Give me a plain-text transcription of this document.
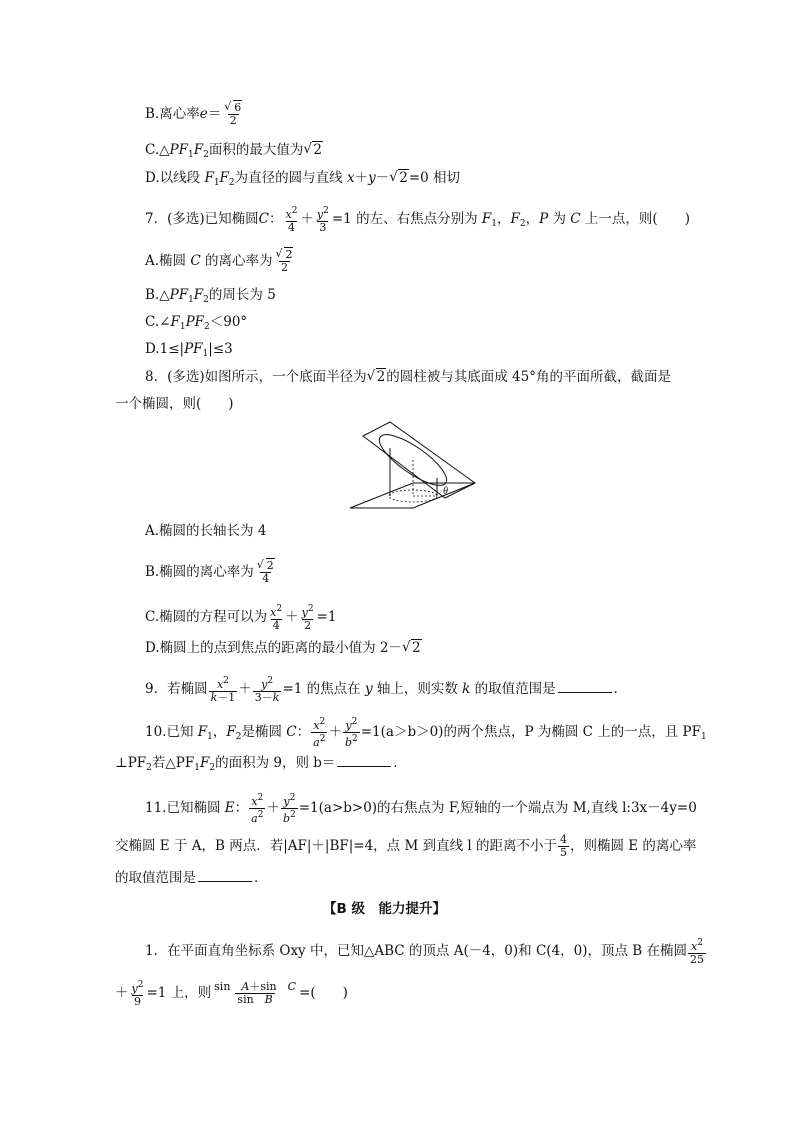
B.离心率e＝ √ $\frac{6}{2}$
$C.\triangle PF_1F_2$面积的最大值为 √ 2
D.以线段 $F_1F_2$为直径的圆与直线 x＋y－ √ 2=0 相切
7．(多选)已知椭圆C： $\frac{x^2}{4} + \frac{y^2}{3} =1$ 的左、右焦点分别为 $F_1$，$F_2$，P 为 C 上一点，则(　　)
A.椭圆 C 的离心率为 √ $\frac{2}{2}$
$B.\triangle PF_1F_2$的周长为 5
$C.\angle F_1PF_2<90^\circ$
$D.1\le|PF_1|\le 3$
8．(多选)如图所示，一个底面半径为 √ 2的圆柱被与其底面成 45°角的平面所截，截面是
一个椭圆，则(　　)
θ
A.椭圆的长轴长为 4
B.椭圆的离心率为 √ $\frac{2}{4}$
C.椭圆的方程可以为 $\frac{x^2}{4} + \frac{y^2}{2} =1$
D.椭圆上的点到焦点的距离的最小值为 2－ √ 2
9．若椭圆 $\frac{x^2}{k-1} + \frac{y^2}{3-k} =1$ 的焦点在 y 轴上，则实数 k 的取值范围是	．
10.已知 $F_1$，$F_2$是椭圆 C： $\frac{x^2}{a^2} + \frac{y^2}{b^2} =1(a>b>0)$的两个焦点，P 为椭圆 C 上的一点，且 $PF_1$
$\perp PF_2$若$\triangle PF_1F_2$的面积为 9，则 b＝	．
11.已知椭圆 E： $\frac{x^2}{a^2} + \frac{y^2}{b^2} =1(a>b>0)$的右焦点为 F,短轴的一个端点为 M,直线 l:3x－4y=0
交椭圆 E 于 A，B 两点．若|AF|＋|BF|=4，点 M 到直线 l 的距离不小于 $\frac{4}{5}$ ，则椭圆 E 的离心率
的取值范围是	．
【B 级　能力提升】
1．在平面直角坐标系 Oxy 中，已知△ABC 的顶点 A(－4，0)和 C(4，0)，顶点 B 在椭圆 $\frac{x^2}{25}$
＋ $\frac{y^2}{9} =1$ 上，则 $\frac{\text{sin　A＋sin　C}}{\text{sin　B}}$ =(　　)
